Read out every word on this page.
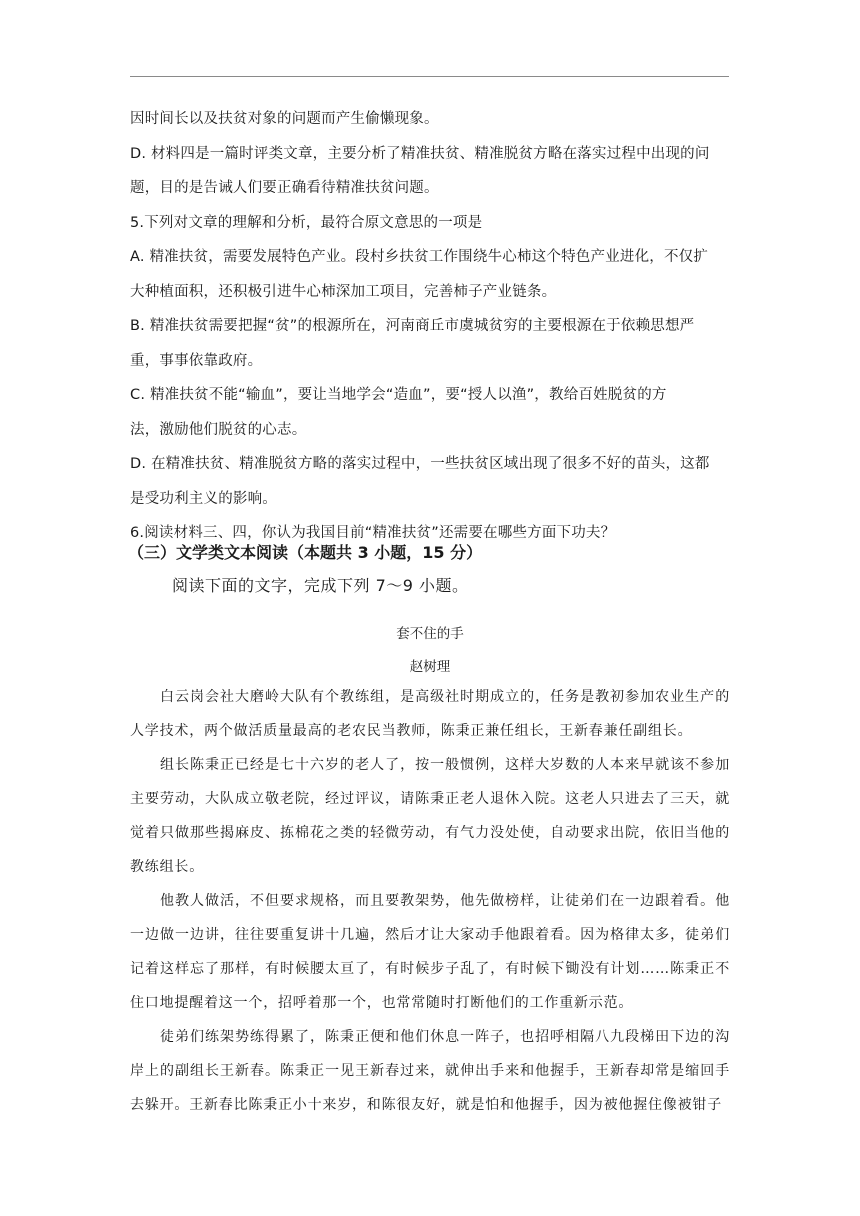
因时间长以及扶贫对象的问题而产生偷懒现象。

D. 材料四是一篇时评类文章，主要分析了精准扶贫、精准脱贫方略在落实过程中出现的问

题，目的是告诫人们要正确看待精准扶贫问题。

5.下列对文章的理解和分析，最符合原文意思的一项是

A. 精准扶贫，需要发展特色产业。段村乡扶贫工作围绕牛心柿这个特色产业进化，不仅扩

大种植面积，还积极引进牛心柿深加工项目，完善柿子产业链条。

B. 精准扶贫需要把握“贫”的根源所在，河南商丘市虞城贫穷的主要根源在于依赖思想严

重，事事依靠政府。

C. 精准扶贫不能“输血”，要让当地学会“造血”，要“授人以渔”，教给百姓脱贫的方

法，激励他们脱贫的心志。

D. 在精准扶贫、精准脱贫方略的落实过程中，一些扶贫区域出现了很多不好的苗头，这都

是受功利主义的影响。

6.阅读材料三、四，你认为我国目前“精准扶贫”还需要在哪些方面下功夫？

（三）文学类文本阅读（本题共 3 小题，15 分）

阅读下面的文字，完成下列 7～9 小题。

套不住的手

赵树理

白云岗会社大磨岭大队有个教练组，是高级社时期成立的，任务是教初参加农业生产的人学技术，两个做活质量最高的老农民当教师，陈秉正兼任组长，王新春兼任副组长。

组长陈秉正已经是七十六岁的老人了，按一般惯例，这样大岁数的人本来早就该不参加主要劳动，大队成立敬老院，经过评议，请陈秉正老人退休入院。这老人只进去了三天，就觉着只做那些揭麻皮、拣棉花之类的轻微劳动，有气力没处使，自动要求出院，依旧当他的教练组长。

他教人做活，不但要求规格，而且要教架势，他先做榜样，让徒弟们在一边跟着看。他一边做一边讲，往往要重复讲十几遍，然后才让大家动手他跟着看。因为格律太多，徒弟们记着这样忘了那样，有时候腰太亘了，有时候步子乱了，有时候下锄没有计划……陈秉正不住口地提醒着这一个，招呼着那一个，也常常随时打断他们的工作重新示范。

徒弟们练架势练得累了，陈秉正便和他们休息一阵子，也招呼相隔八九段梯田下边的沟岸上的副组长王新春。陈秉正一见王新春过来，就伸出手来和他握手，王新春却常是缩回手去躲开。王新春比陈秉正小十来岁，和陈很友好，就是怕和他握手，因为被他握住像被钳子
